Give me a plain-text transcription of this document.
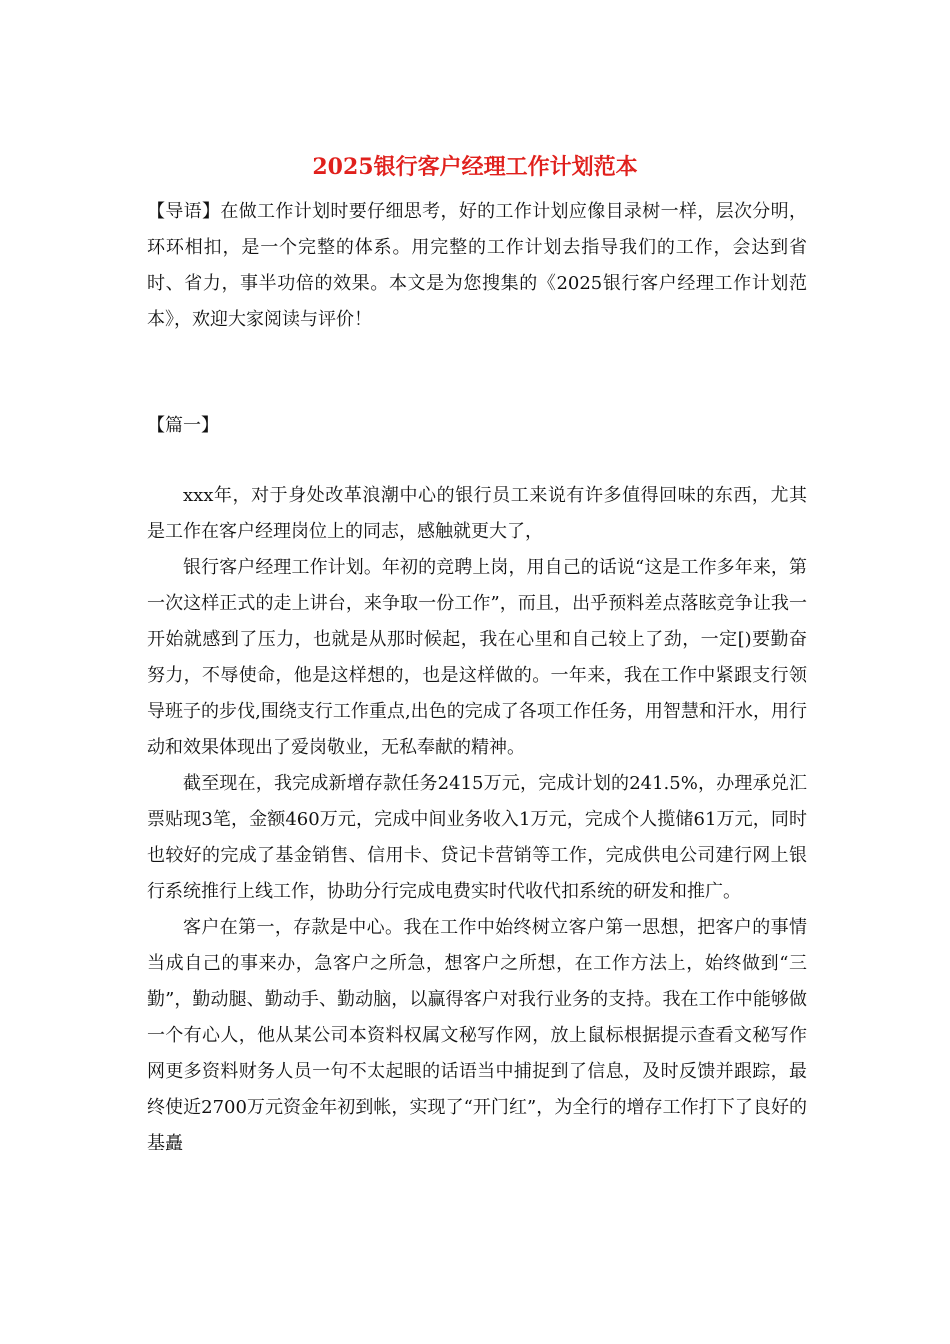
2025银行客户经理工作计划范本

【导语】在做工作计划时要仔细思考，好的工作计划应像目录树一样，层次分明，环环相扣，是一个完整的体系。用完整的工作计划去指导我们的工作，会达到省时、省力，事半功倍的效果。本文是为您搜集的《2025银行客户经理工作计划范本》，欢迎大家阅读与评价！

【篇一】

xxx年，对于身处改革浪潮中心的银行员工来说有许多值得回味的东西，尤其是工作在客户经理岗位上的同志，感触就更大了，

银行客户经理工作计划。年初的竞聘上岗，用自己的话说“这是工作多年来，第一次这样正式的走上讲台，来争取一份工作”，而且，出乎预料差点落眩竞争让我一开始就感到了压力，也就是从那时候起，我在心里和自己较上了劲，一定[)要勤奋努力，不辱使命，他是这样想的，也是这样做的。一年来，我在工作中紧跟支行领导班子的步伐,围绕支行工作重点,出色的完成了各项工作任务，用智慧和汗水，用行动和效果体现出了爱岗敬业，无私奉献的精神。

截至现在，我完成新增存款任务2415万元，完成计划的241.5%，办理承兑汇票贴现3笔，金额460万元，完成中间业务收入1万元，完成个人揽储61万元，同时也较好的完成了基金销售、信用卡、贷记卡营销等工作，完成供电公司建行网上银行系统推行上线工作，协助分行完成电费实时代收代扣系统的研发和推广。

客户在第一，存款是中心。我在工作中始终树立客户第一思想，把客户的事情当成自己的事来办，急客户之所急，想客户之所想，在工作方法上，始终做到“三勤”，勤动腿、勤动手、勤动脑，以赢得客户对我行业务的支持。我在工作中能够做一个有心人，他从某公司本资料权属文秘写作网，放上鼠标根据提示查看文秘写作网更多资料财务人员一句不太起眼的话语当中捕捉到了信息，及时反馈并跟踪，最终使近2700万元资金年初到帐，实现了“开门红”，为全行的增存工作打下了良好的基矗
